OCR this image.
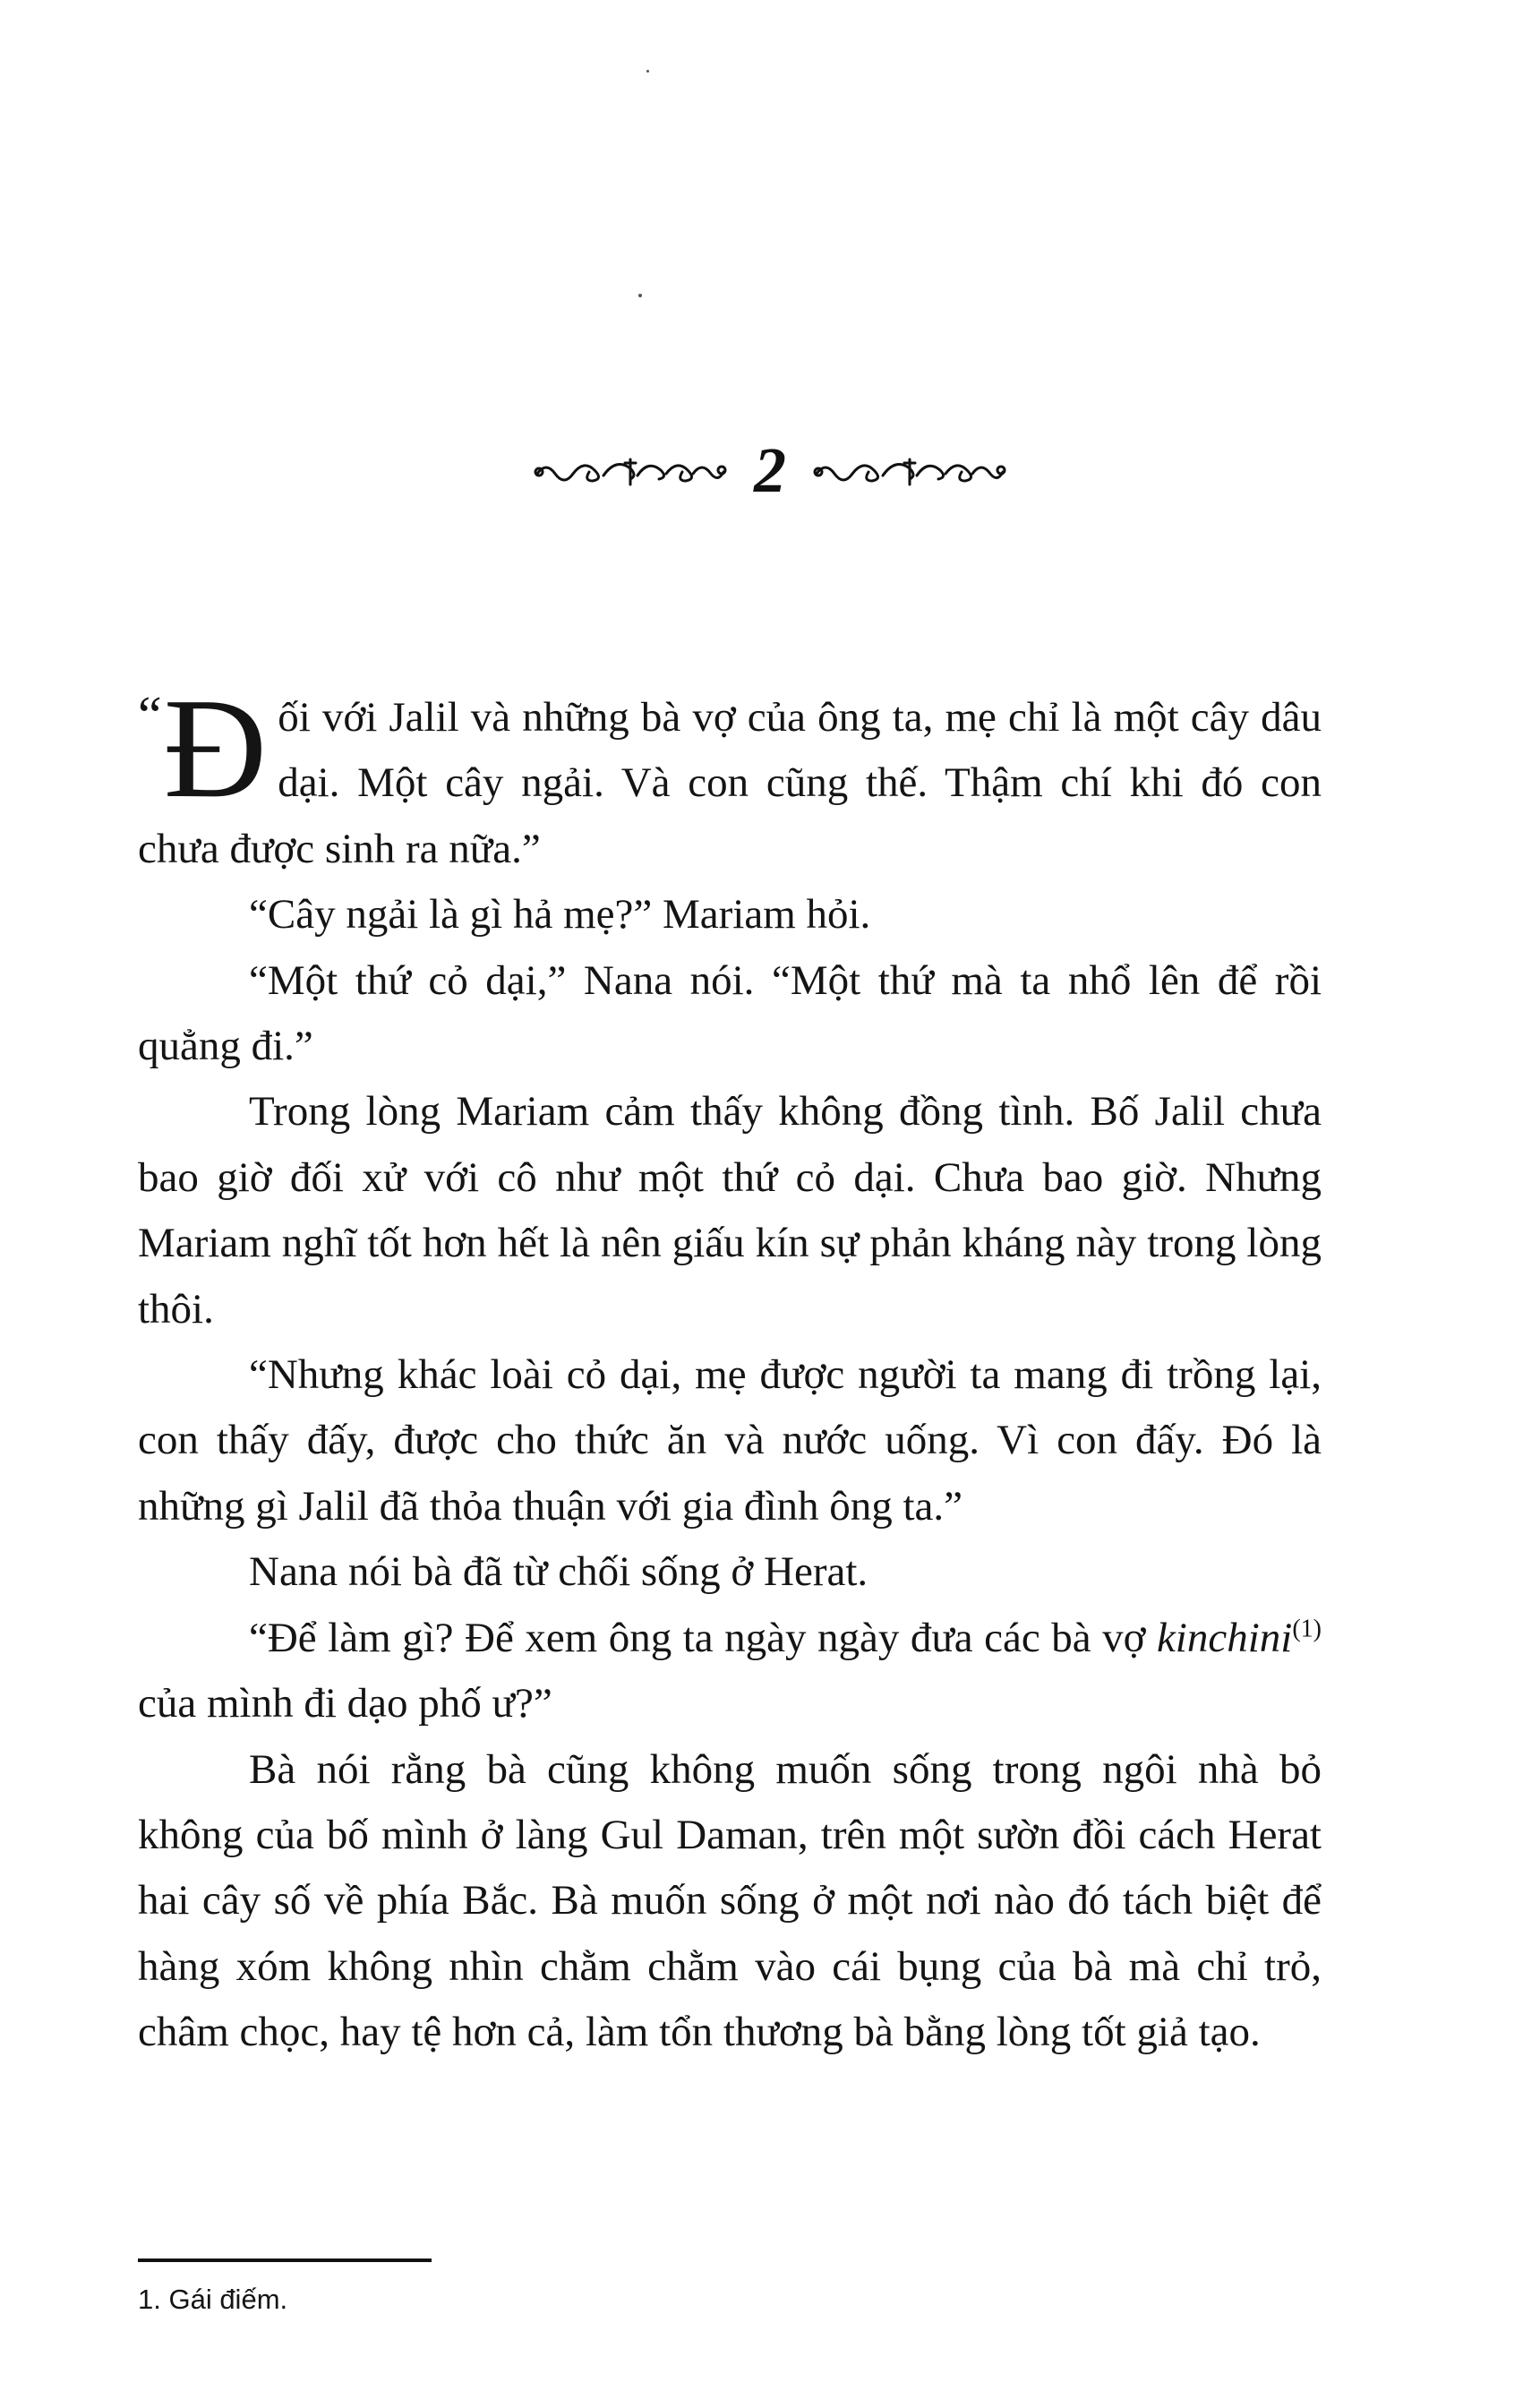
2

“ Đ ối với Jalil và những bà vợ của ông ta, mẹ chỉ là một cây dâu dại. Một cây ngải. Và con cũng thế. Thậm chí khi đó con chưa được sinh ra nữa.”

“Cây ngải là gì hả mẹ?” Mariam hỏi.

“Một thứ cỏ dại,” Nana nói. “Một thứ mà ta nhổ lên để rồi quẳng đi.”

Trong lòng Mariam cảm thấy không đồng tình. Bố Jalil chưa bao giờ đối xử với cô như một thứ cỏ dại. Chưa bao giờ. Nhưng Mariam nghĩ tốt hơn hết là nên giấu kín sự phản kháng này trong lòng thôi.

“Nhưng khác loài cỏ dại, mẹ được người ta mang đi trồng lại, con thấy đấy, được cho thức ăn và nước uống. Vì con đấy. Đó là những gì Jalil đã thỏa thuận với gia đình ông ta.”

Nana nói bà đã từ chối sống ở Herat.

“Để làm gì? Để xem ông ta ngày ngày đưa các bà vợ kinchini$^{(1)}$ của mình đi dạo phố ư?”

Bà nói rằng bà cũng không muốn sống trong ngôi nhà bỏ không của bố mình ở làng Gul Daman, trên một sườn đồi cách Herat hai cây số về phía Bắc. Bà muốn sống ở một nơi nào đó tách biệt để hàng xóm không nhìn chằm chằm vào cái bụng của bà mà chỉ trỏ, châm chọc, hay tệ hơn cả, làm tổn thương bà bằng lòng tốt giả tạo.

1. Gái điếm.
